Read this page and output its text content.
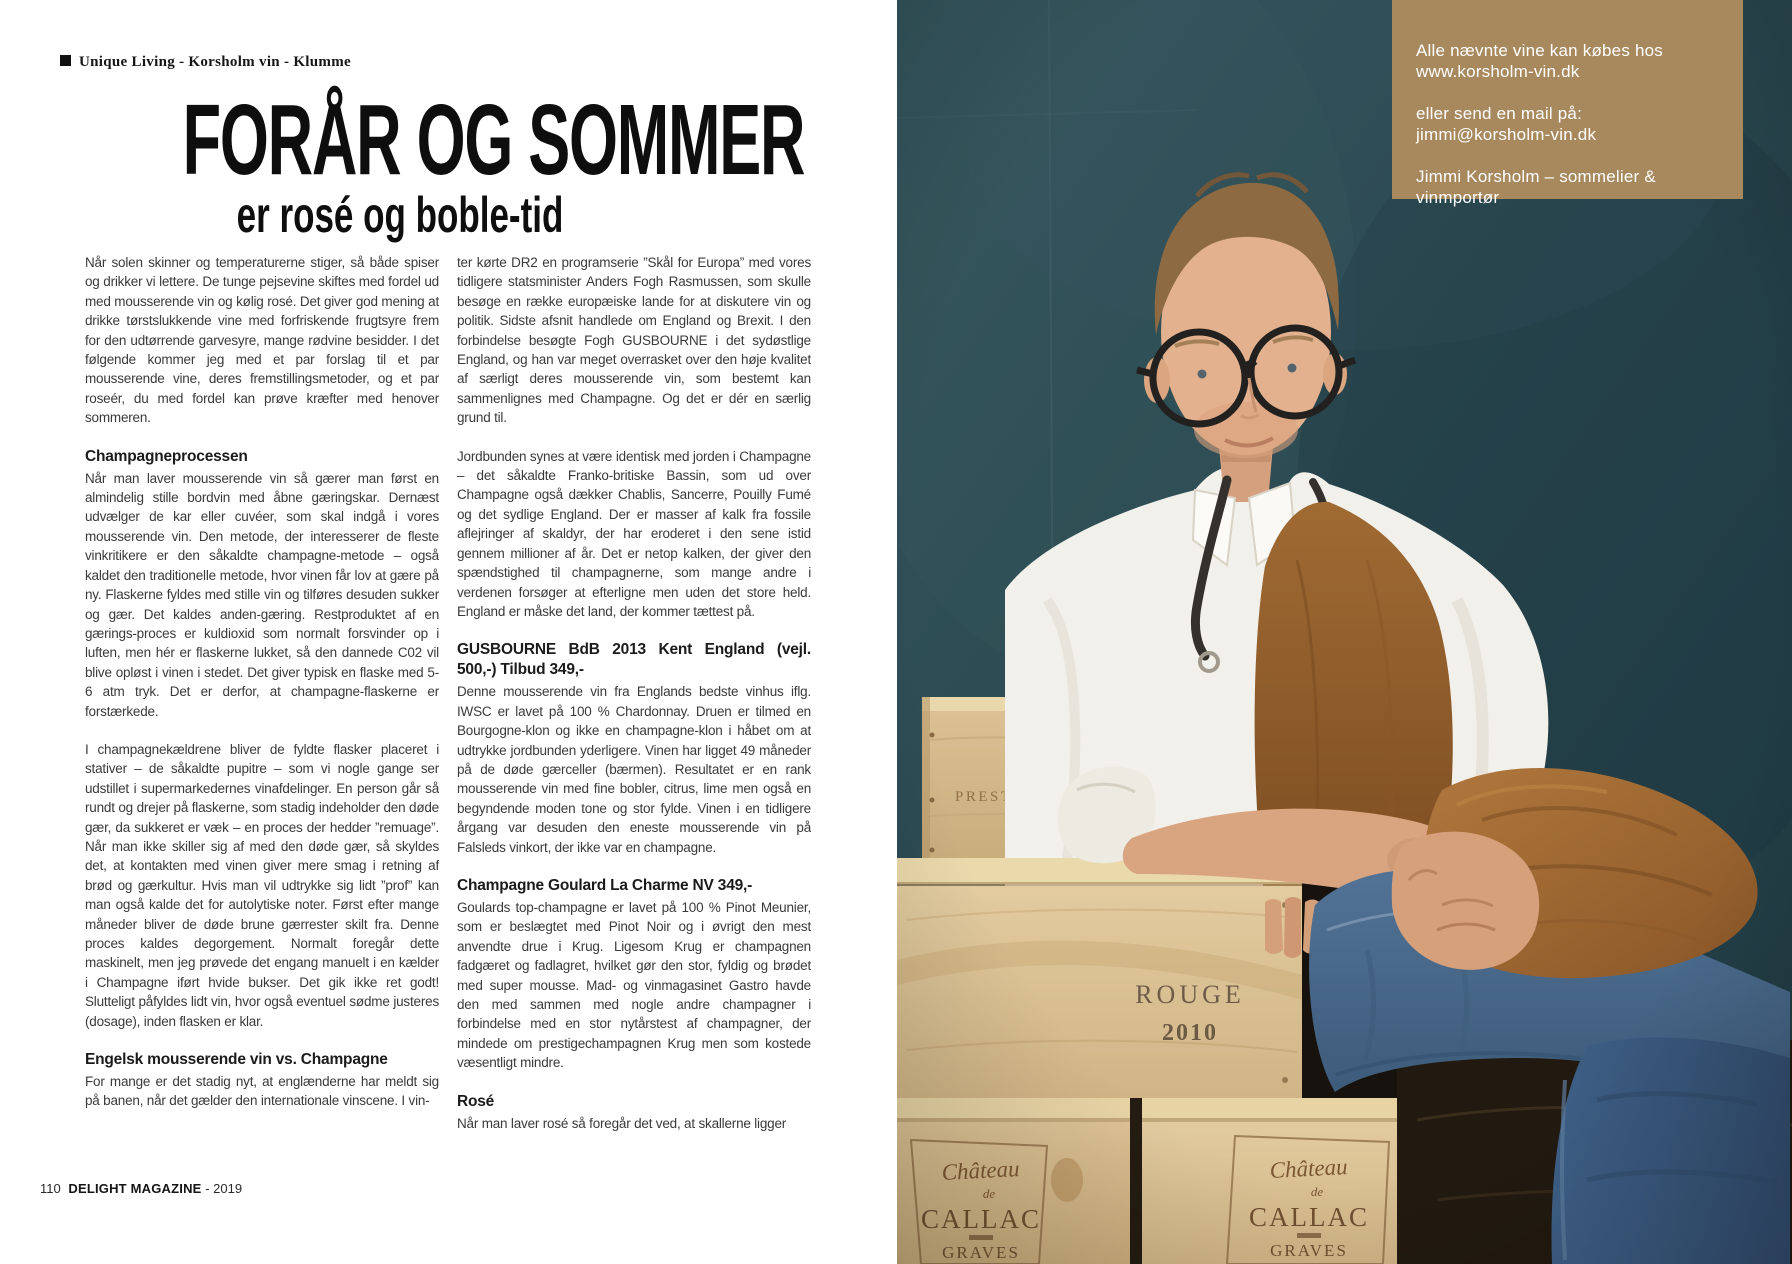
Unique Living - Korsholm vin - Klumme
FORÅR OG SOMMER
er rosé og boble-tid

Når solen skinner og temperaturerne stiger, så både spiser og drikker vi lettere. De tunge pejsevine skiftes med fordel ud med mousserende vin og kølig rosé. Det giver god mening at drikke tørstslukkende vine med forfriskende frugtsyre frem for den udtørrende garvesyre, mange rødvine besidder. I det følgende kommer jeg med et par forslag til et par mousserende vine, deres fremstillingsmetoder, og et par roseér, du med fordel kan prøve kræfter med henover sommeren.

Champagneprocessen

Når man laver mousserende vin så gærer man først en almindelig stille bordvin med åbne gæringskar. Dernæst udvælger de kar eller cuvéer, som skal indgå i vores mousserende vin. Den metode, der interesserer de fleste vinkritikere er den såkaldte champagne-metode – også kaldet den traditionelle metode, hvor vinen får lov at gære på ny. Flaskerne fyldes med stille vin og tilføres desuden sukker og gær. Det kaldes anden-gæring. Restproduktet af en gærings-proces er kuldioxid som normalt forsvinder op i luften, men hér er flaskerne lukket, så den dannede C02 vil blive opløst i vinen i stedet. Det giver typisk en flaske med 5-6 atm tryk. Det er derfor, at champagne-flaskerne er forstærkede.

I champagnekældrene bliver de fyldte flasker placeret i stativer – de såkaldte pupitre – som vi nogle gange ser udstillet i supermarkedernes vinafdelinger. En person går så rundt og drejer på flaskerne, som stadig indeholder den døde gær, da sukkeret er væk – en proces der hedder ”remuage”. Når man ikke skiller sig af med den døde gær, så skyldes det, at kontakten med vinen giver mere smag i retning af brød og gærkultur. Hvis man vil udtrykke sig lidt ”prof” kan man også kalde det for autolytiske noter. Først efter mange måneder bliver de døde brune gærrester skilt fra. Denne proces kaldes degorgement. Normalt foregår dette maskinelt, men jeg prøvede det engang manuelt i en kælder i Champagne iført hvide bukser. Det gik ikke ret godt! Slutteligt påfyldes lidt vin, hvor også eventuel sødme justeres (dosage), inden flasken er klar.

Engelsk mousserende vin vs. Champagne

For mange er det stadig nyt, at englænderne har meldt sig på banen, når det gælder den internationale vinscene. I vin-

ter kørte DR2 en programserie ”Skål for Europa” med vores tidligere statsminister Anders Fogh Rasmussen, som skulle besøge en række europæiske lande for at diskutere vin og politik. Sidste afsnit handlede om England og Brexit. I den forbindelse besøgte Fogh GUSBOURNE i det sydøstlige England, og han var meget overrasket over den høje kvalitet af særligt deres mousserende vin, som bestemt kan sammenlignes med Champagne. Og det er dér en særlig grund til.

Jordbunden synes at være identisk med jorden i Champagne – det såkaldte Franko-britiske Bassin, som ud over Champagne også dækker Chablis, Sancerre, Pouilly Fumé og det sydlige England. Der er masser af kalk fra fossile aflejringer af skaldyr, der har eroderet i den sene istid gennem millioner af år. Det er netop kalken, der giver den spændstighed til champagnerne, som mange andre i verdenen forsøger at efterligne men uden det store held. England er måske det land, der kommer tættest på.

GUSBOURNE BdB 2013 Kent England (vejl. 500,-) Tilbud 349,-

Denne mousserende vin fra Englands bedste vinhus iflg. IWSC er lavet på 100 % Chardonnay. Druen er tilmed en Bourgogne-klon og ikke en champagne-klon i håbet om at udtrykke jordbunden yderligere. Vinen har ligget 49 måneder på de døde gærceller (bærmen). Resultatet er en rank mousserende vin med fine bobler, citrus, lime men også en begyndende moden tone og stor fylde. Vinen i en tidligere årgang var desuden den eneste mousserende vin på Falsleds vinkort, der ikke var en champagne.

Champagne Goulard La Charme NV 349,-

Goulards top-champagne er lavet på 100 % Pinot Meunier, som er beslægtet med Pinot Noir og i øvrigt den mest anvendte drue i Krug. Ligesom Krug er champagnen fadgæret og fadlagret, hvilket gør den stor, fyldig og brødet med super mousse. Mad- og vinmagasinet Gastro havde den med sammen med nogle andre champagner i forbindelse med en stor nytårstest af champagner, der mindede om prestigechampagnen Krug men som kostede væsentligt mindre.

Rosé

Når man laver rosé så foregår det ved, at skallerne ligger

110 DELIGHT MAGAZINE - 2019
Alle nævnte vine kan købes hos
www.korsholm-vin.dk
eller send en mail på:
jimmi@korsholm-vin.dk
Jimmi Korsholm – sommelier & vinmportør
